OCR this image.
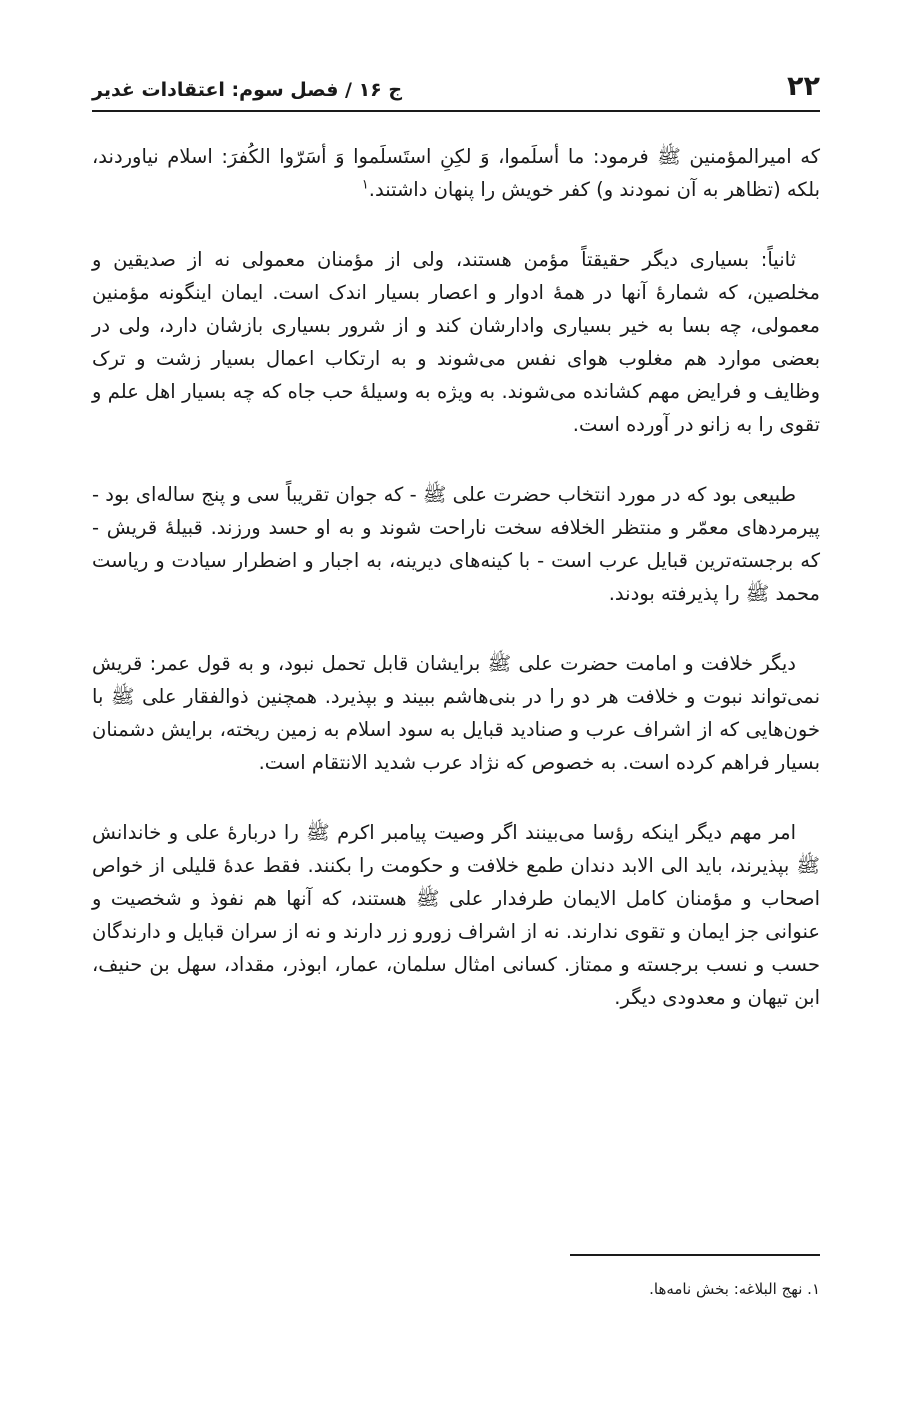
۲۲
ج ۱۶ / فصل سوم: اعتقادات غدیر

که امیرالمؤمنین ﷺ فرمود: ما أسلَموا، وَ لکِنِ استَسلَموا وَ أسَرّوا الکُفرَ: اسلام نیاوردند، بلکه (تظاهر به آن نمودند و) کفر خویش را پنهان داشتند.$^۱$

ثانیاً: بسیاری دیگر حقیقتاً مؤمن هستند، ولی از مؤمنان معمولی نه از صدیقین و مخلصین، که شمارهٔ آنها در همهٔ ادوار و اعصار بسیار اندک است. ایمان اینگونه مؤمنین معمولی، چه بسا به خیر بسیاری وادارشان کند و از شرور بسیاری بازشان دارد، ولی در بعضی موارد هم مغلوب هوای نفس می‌شوند و به ارتکاب اعمال بسیار زشت و ترک وظایف و فرایض مهم کشانده می‌شوند. به ویژه به وسیلهٔ حب جاه که چه بسیار اهل علم و تقوی را به زانو در آورده است.

طبیعی بود که در مورد انتخاب حضرت علی ﷺ - که جوان تقریباً سی و پنج ساله‌ای بود - پیرمردهای معمّر و منتظر الخلافه سخت ناراحت شوند و به او حسد ورزند. قبیلهٔ قریش - که برجسته‌ترین قبایل عرب است - با کینه‌های دیرینه، به اجبار و اضطرار سیادت و ریاست محمد ﷺ را پذیرفته بودند.

دیگر خلافت و امامت حضرت علی ﷺ برایشان قابل تحمل نبود، و به قول عمر: قریش نمی‌تواند نبوت و خلافت هر دو را در بنی‌هاشم ببیند و بپذیرد. همچنین ذوالفقار علی ﷺ با خون‌هایی که از اشراف عرب و صنادید قبایل به سود اسلام به زمین ریخته، برایش دشمنان بسیار فراهم کرده است. به خصوص که نژاد عرب شدید الانتقام است.

امر مهم دیگر اینکه رؤسا می‌بینند اگر وصیت پیامبر اکرم ﷺ را دربارهٔ علی و خاندانش ﷺ بپذیرند، باید الی الابد دندان طمع خلافت و حکومت را بکنند. فقط عدهٔ قلیلی از خواص اصحاب و مؤمنان کامل الایمان طرفدار علی ﷺ هستند، که آنها هم نفوذ و شخصیت و عنوانی جز ایمان و تقوی ندارند. نه از اشراف زورو زر دارند و نه از سران قبایل و دارندگان حسب و نسب برجسته و ممتاز. کسانی امثال سلمان، عمار، ابوذر، مقداد، سهل بن حنیف، ابن تیهان و معدودی دیگر.

۱. نهج البلاغه: بخش نامه‌ها.
